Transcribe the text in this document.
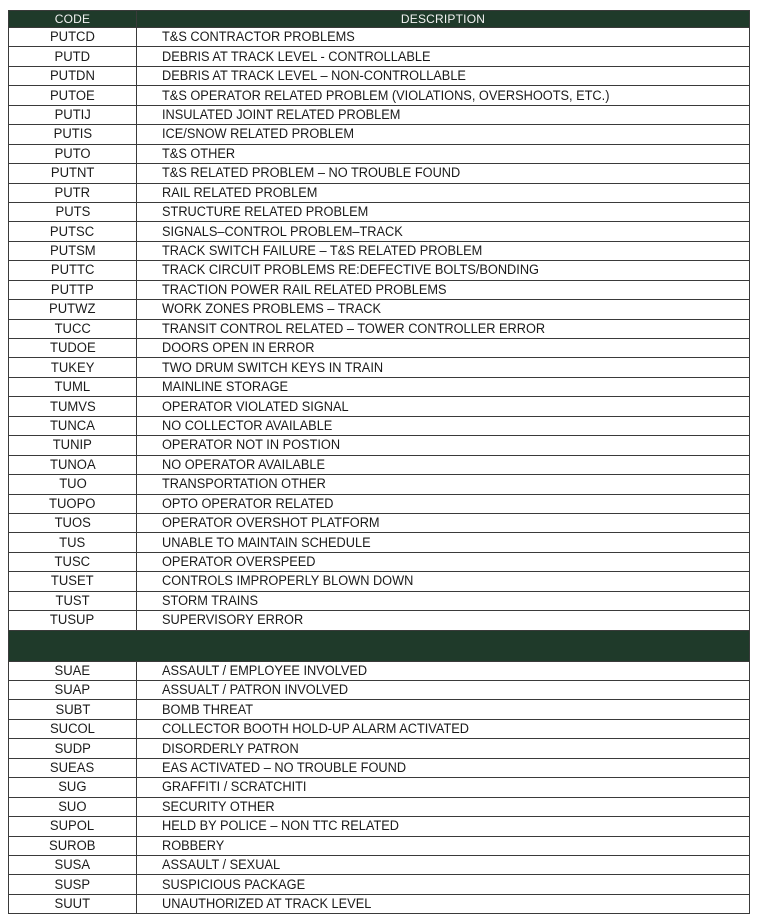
CODE	DESCRIPTION
PUTCD	T&S CONTRACTOR PROBLEMS
PUTD	DEBRIS AT TRACK LEVEL - CONTROLLABLE
PUTDN	DEBRIS AT TRACK LEVEL – NON-CONTROLLABLE
PUTOE	T&S OPERATOR RELATED PROBLEM (VIOLATIONS, OVERSHOOTS, ETC.)
PUTIJ	INSULATED JOINT RELATED PROBLEM
PUTIS	ICE/SNOW RELATED PROBLEM
PUTO	T&S OTHER
PUTNT	T&S RELATED PROBLEM – NO TROUBLE FOUND
PUTR	RAIL RELATED PROBLEM
PUTS	STRUCTURE RELATED PROBLEM
PUTSC	SIGNALS–CONTROL PROBLEM–TRACK
PUTSM	TRACK SWITCH FAILURE – T&S RELATED PROBLEM
PUTTC	TRACK CIRCUIT PROBLEMS RE:DEFECTIVE BOLTS/BONDING
PUTTP	TRACTION POWER RAIL RELATED PROBLEMS
PUTWZ	WORK ZONES PROBLEMS – TRACK
TUCC	TRANSIT CONTROL RELATED – TOWER CONTROLLER ERROR
TUDOE	DOORS OPEN IN ERROR
TUKEY	TWO DRUM SWITCH KEYS IN TRAIN
TUML	MAINLINE STORAGE
TUMVS	OPERATOR VIOLATED SIGNAL
TUNCA	NO COLLECTOR AVAILABLE
TUNIP	OPERATOR NOT IN POSTION
TUNOA	NO OPERATOR AVAILABLE
TUO	TRANSPORTATION OTHER
TUOPO	OPTO OPERATOR RELATED
TUOS	OPERATOR OVERSHOT PLATFORM
TUS	UNABLE TO MAINTAIN SCHEDULE
TUSC	OPERATOR OVERSPEED
TUSET	CONTROLS IMPROPERLY BLOWN DOWN
TUST	STORM TRAINS
TUSUP	SUPERVISORY ERROR

SUAE	ASSAULT / EMPLOYEE INVOLVED
SUAP	ASSUALT / PATRON INVOLVED
SUBT	BOMB THREAT
SUCOL	COLLECTOR BOOTH HOLD-UP ALARM ACTIVATED
SUDP	DISORDERLY PATRON
SUEAS	EAS ACTIVATED – NO TROUBLE FOUND
SUG	GRAFFITI / SCRATCHITI
SUO	SECURITY OTHER
SUPOL	HELD BY POLICE – NON TTC RELATED
SUROB	ROBBERY
SUSA	ASSAULT / SEXUAL
SUSP	SUSPICIOUS PACKAGE
SUUT	UNAUTHORIZED AT TRACK LEVEL
